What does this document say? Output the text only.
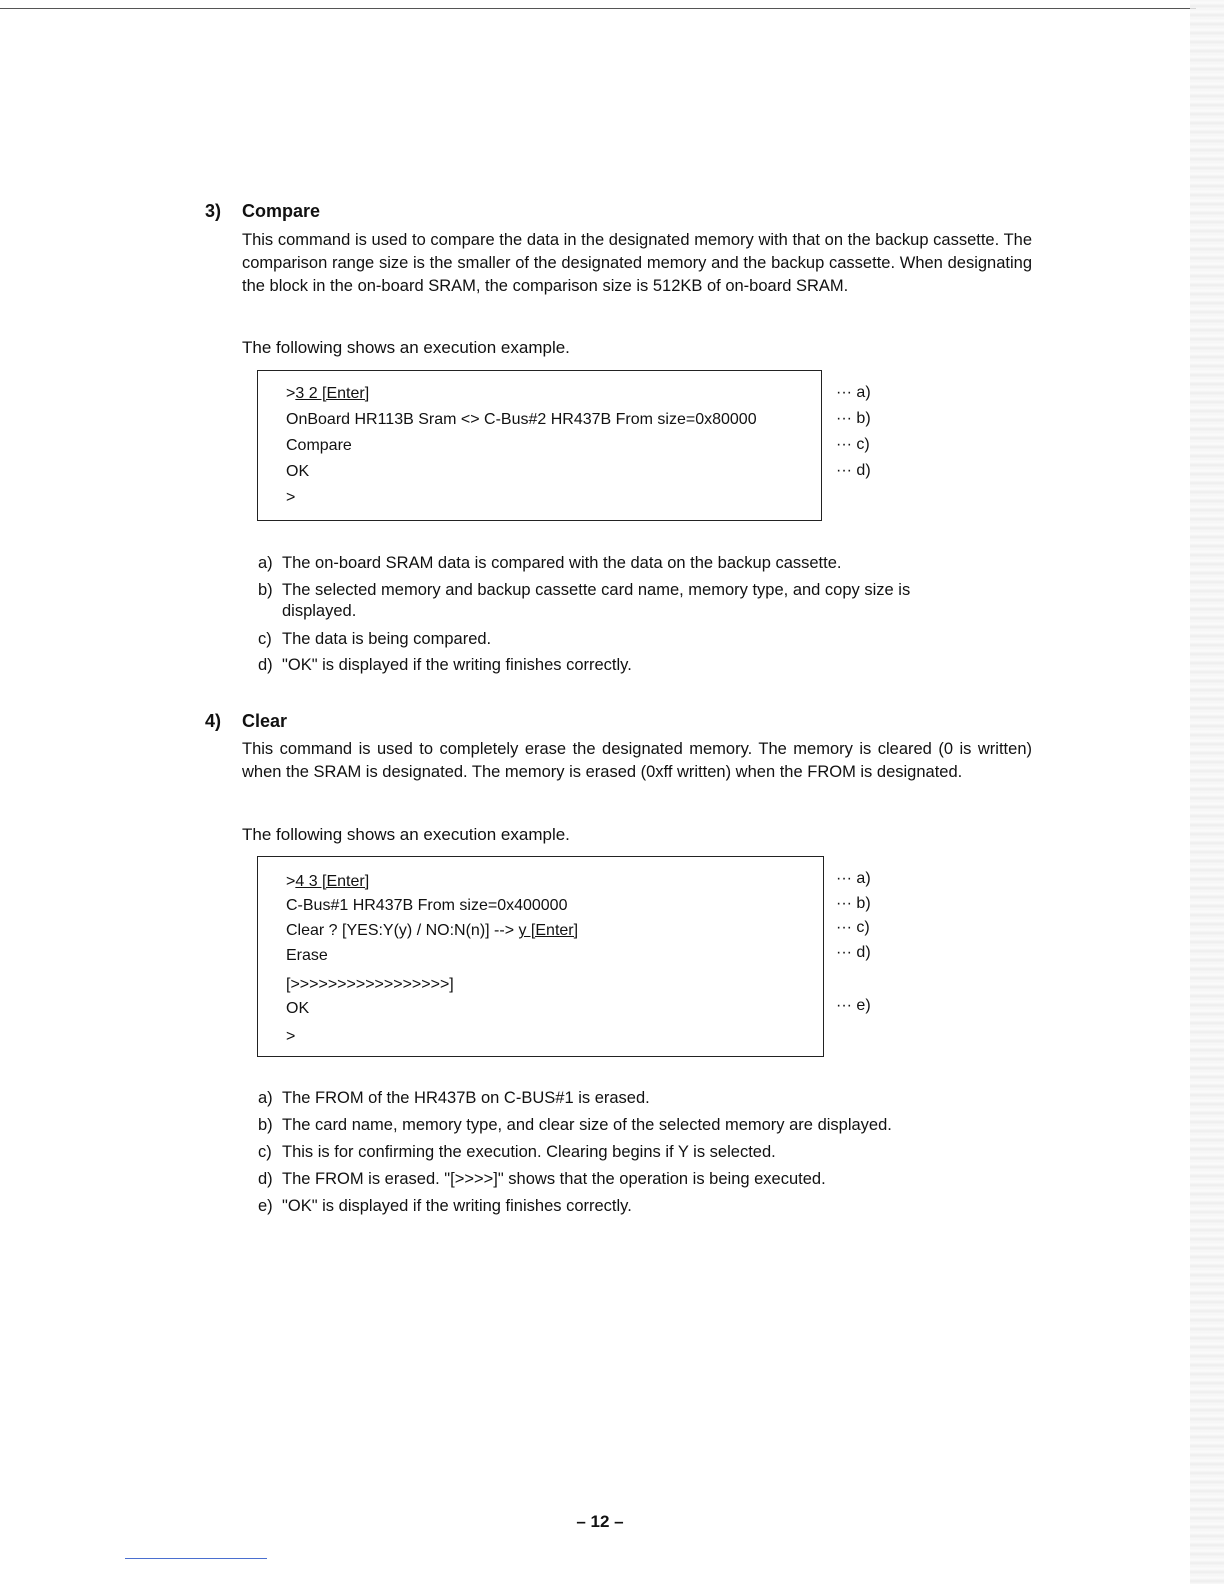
3) Compare
This command is used to compare the data in the designated memory with that on the backup cassette. The comparison range size is the smaller of the designated memory and the backup cassette. When designating the block in the on-board SRAM, the comparison size is 512KB of on-board SRAM.
The following shows an execution example.
>3 2 [Enter]
OnBoard HR113B Sram <> C-Bus#2 HR437B From size=0x80000
Compare
OK
>
··· a)
··· b)
··· c)
··· d)
a) The on-board SRAM data is compared with the data on the backup cassette.
b) The selected memory and backup cassette card name, memory type, and copy size is
displayed.
c) The data is being compared.
d) "OK" is displayed if the writing finishes correctly.
4) Clear
This command is used to completely erase the designated memory. The memory is cleared (0 is written) when the SRAM is designated. The memory is erased (0xff written) when the FROM is designated.
The following shows an execution example.
>4 3 [Enter]
C-Bus#1 HR437B From size=0x400000
Clear ? [YES:Y(y) / NO:N(n)] --> y [Enter]
Erase
[>>>>>>>>>>>>>>>>>]
OK
>
··· a)
··· b)
··· c)
··· d)
··· e)
a) The FROM of the HR437B on C-BUS#1 is erased.
b) The card name, memory type, and clear size of the selected memory are displayed.
c) This is for confirming the execution. Clearing begins if Y is selected.
d) The FROM is erased. "[>>>>]" shows that the operation is being executed.
e) "OK" is displayed if the writing finishes correctly.
– 12 –
